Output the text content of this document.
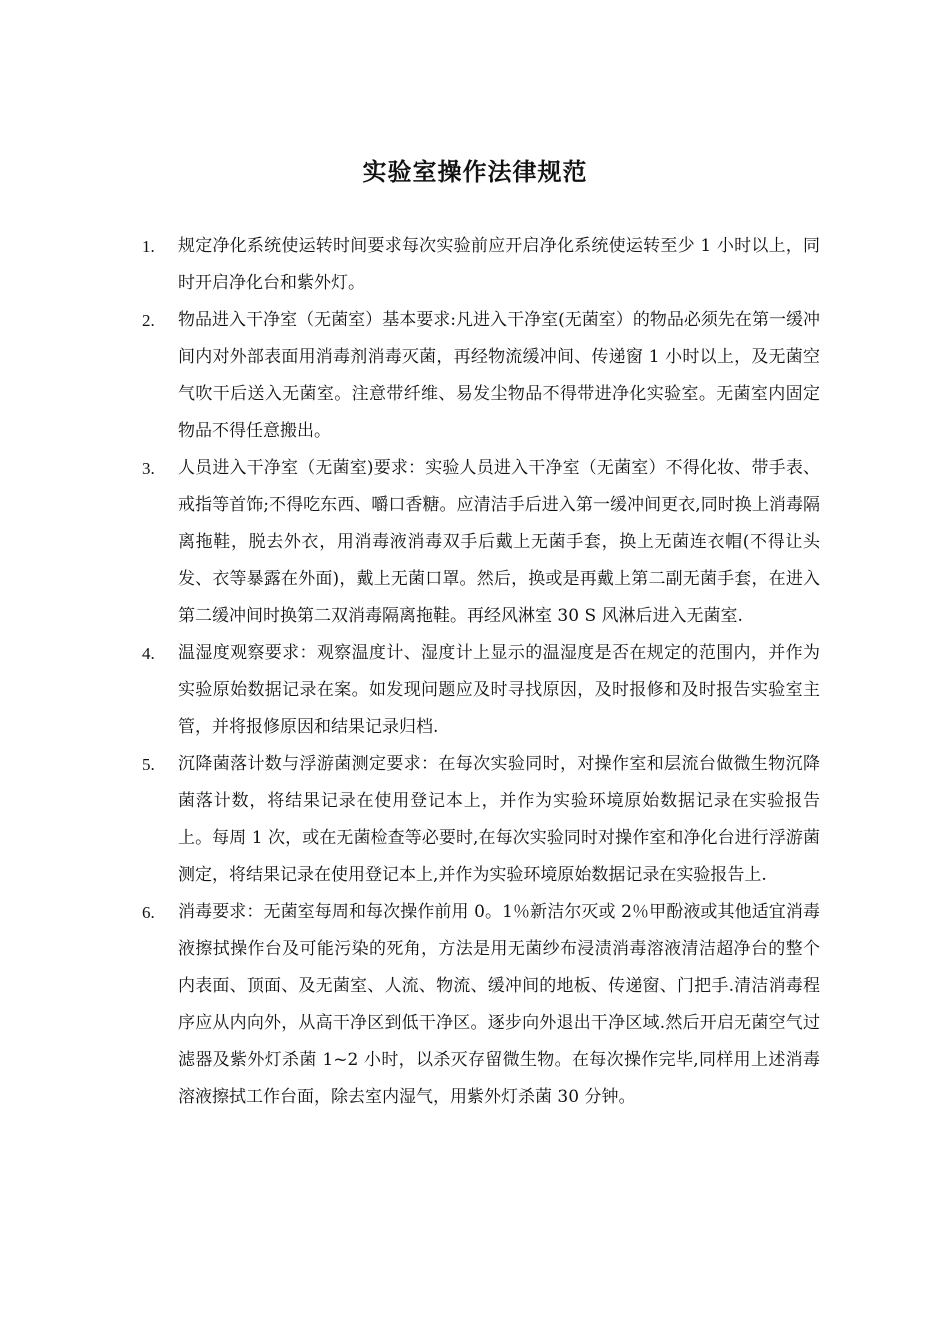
实验室操作法律规范
1. 规定净化系统使运转时间要求每次实验前应开启净化系统使运转至少 1 小时以上，同时开启净化台和紫外灯。
2. 物品进入干净室（无菌室）基本要求:凡进入干净室(无菌室）的物品必须先在第一缓冲间内对外部表面用消毒剂消毒灭菌，再经物流缓冲间、传递窗 1 小时以上，及无菌空气吹干后送入无菌室。注意带纤维、易发尘物品不得带进净化实验室。无菌室内固定物品不得任意搬出。
3. 人员进入干净室（无菌室)要求：实验人员进入干净室（无菌室）不得化妆、带手表、戒指等首饰;不得吃东西、嚼口香糖。应清洁手后进入第一缓冲间更衣,同时换上消毒隔离拖鞋，脱去外衣，用消毒液消毒双手后戴上无菌手套，换上无菌连衣帽(不得让头发、衣等暴露在外面)，戴上无菌口罩。然后，换或是再戴上第二副无菌手套，在进入第二缓冲间时换第二双消毒隔离拖鞋。再经风淋室 30 S 风淋后进入无菌室.
4. 温湿度观察要求：观察温度计、湿度计上显示的温湿度是否在规定的范围内，并作为实验原始数据记录在案。如发现问题应及时寻找原因，及时报修和及时报告实验室主管，并将报修原因和结果记录归档.
5. 沉降菌落计数与浮游菌测定要求：在每次实验同时，对操作室和层流台做微生物沉降菌落计数，将结果记录在使用登记本上，并作为实验环境原始数据记录在实验报告上。每周 1 次，或在无菌检查等必要时,在每次实验同时对操作室和净化台进行浮游菌测定，将结果记录在使用登记本上,并作为实验环境原始数据记录在实验报告上.
6. 消毒要求：无菌室每周和每次操作前用 0。1％新洁尔灭或 2％甲酚液或其他适宜消毒液擦拭操作台及可能污染的死角，方法是用无菌纱布浸渍消毒溶液清洁超净台的整个内表面、顶面、及无菌室、人流、物流、缓冲间的地板、传递窗、门把手.清洁消毒程序应从内向外，从高干净区到低干净区。逐步向外退出干净区域.然后开启无菌空气过滤器及紫外灯杀菌 1~2 小时，以杀灭存留微生物。在每次操作完毕,同样用上述消毒溶液擦拭工作台面，除去室内湿气，用紫外灯杀菌 30 分钟。
